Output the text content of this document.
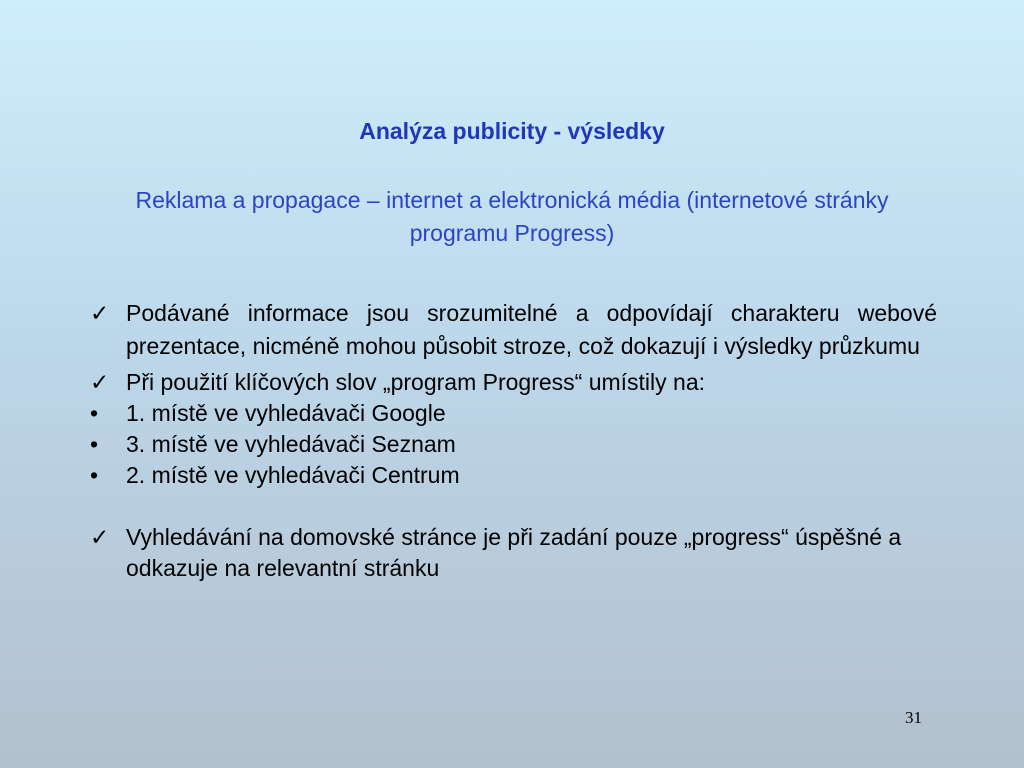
Analýza publicity - výsledky
Reklama a propagace – internet a elektronická média (internetové stránky programu Progress)
✓ Podávané informace jsou srozumitelné a odpovídají charakteru webové prezentace, nicméně mohou působit stroze, což dokazují i výsledky průzkumu
✓ Při použití klíčových slov „program Progress“ umístily na:
•	1. místě ve vyhledávači Google
•	3. místě ve vyhledávači Seznam
•	2. místě ve vyhledávači Centrum
✓ Vyhledávání na domovské stránce je při zadání pouze „progress“ úspěšné a odkazuje na relevantní stránku
31
